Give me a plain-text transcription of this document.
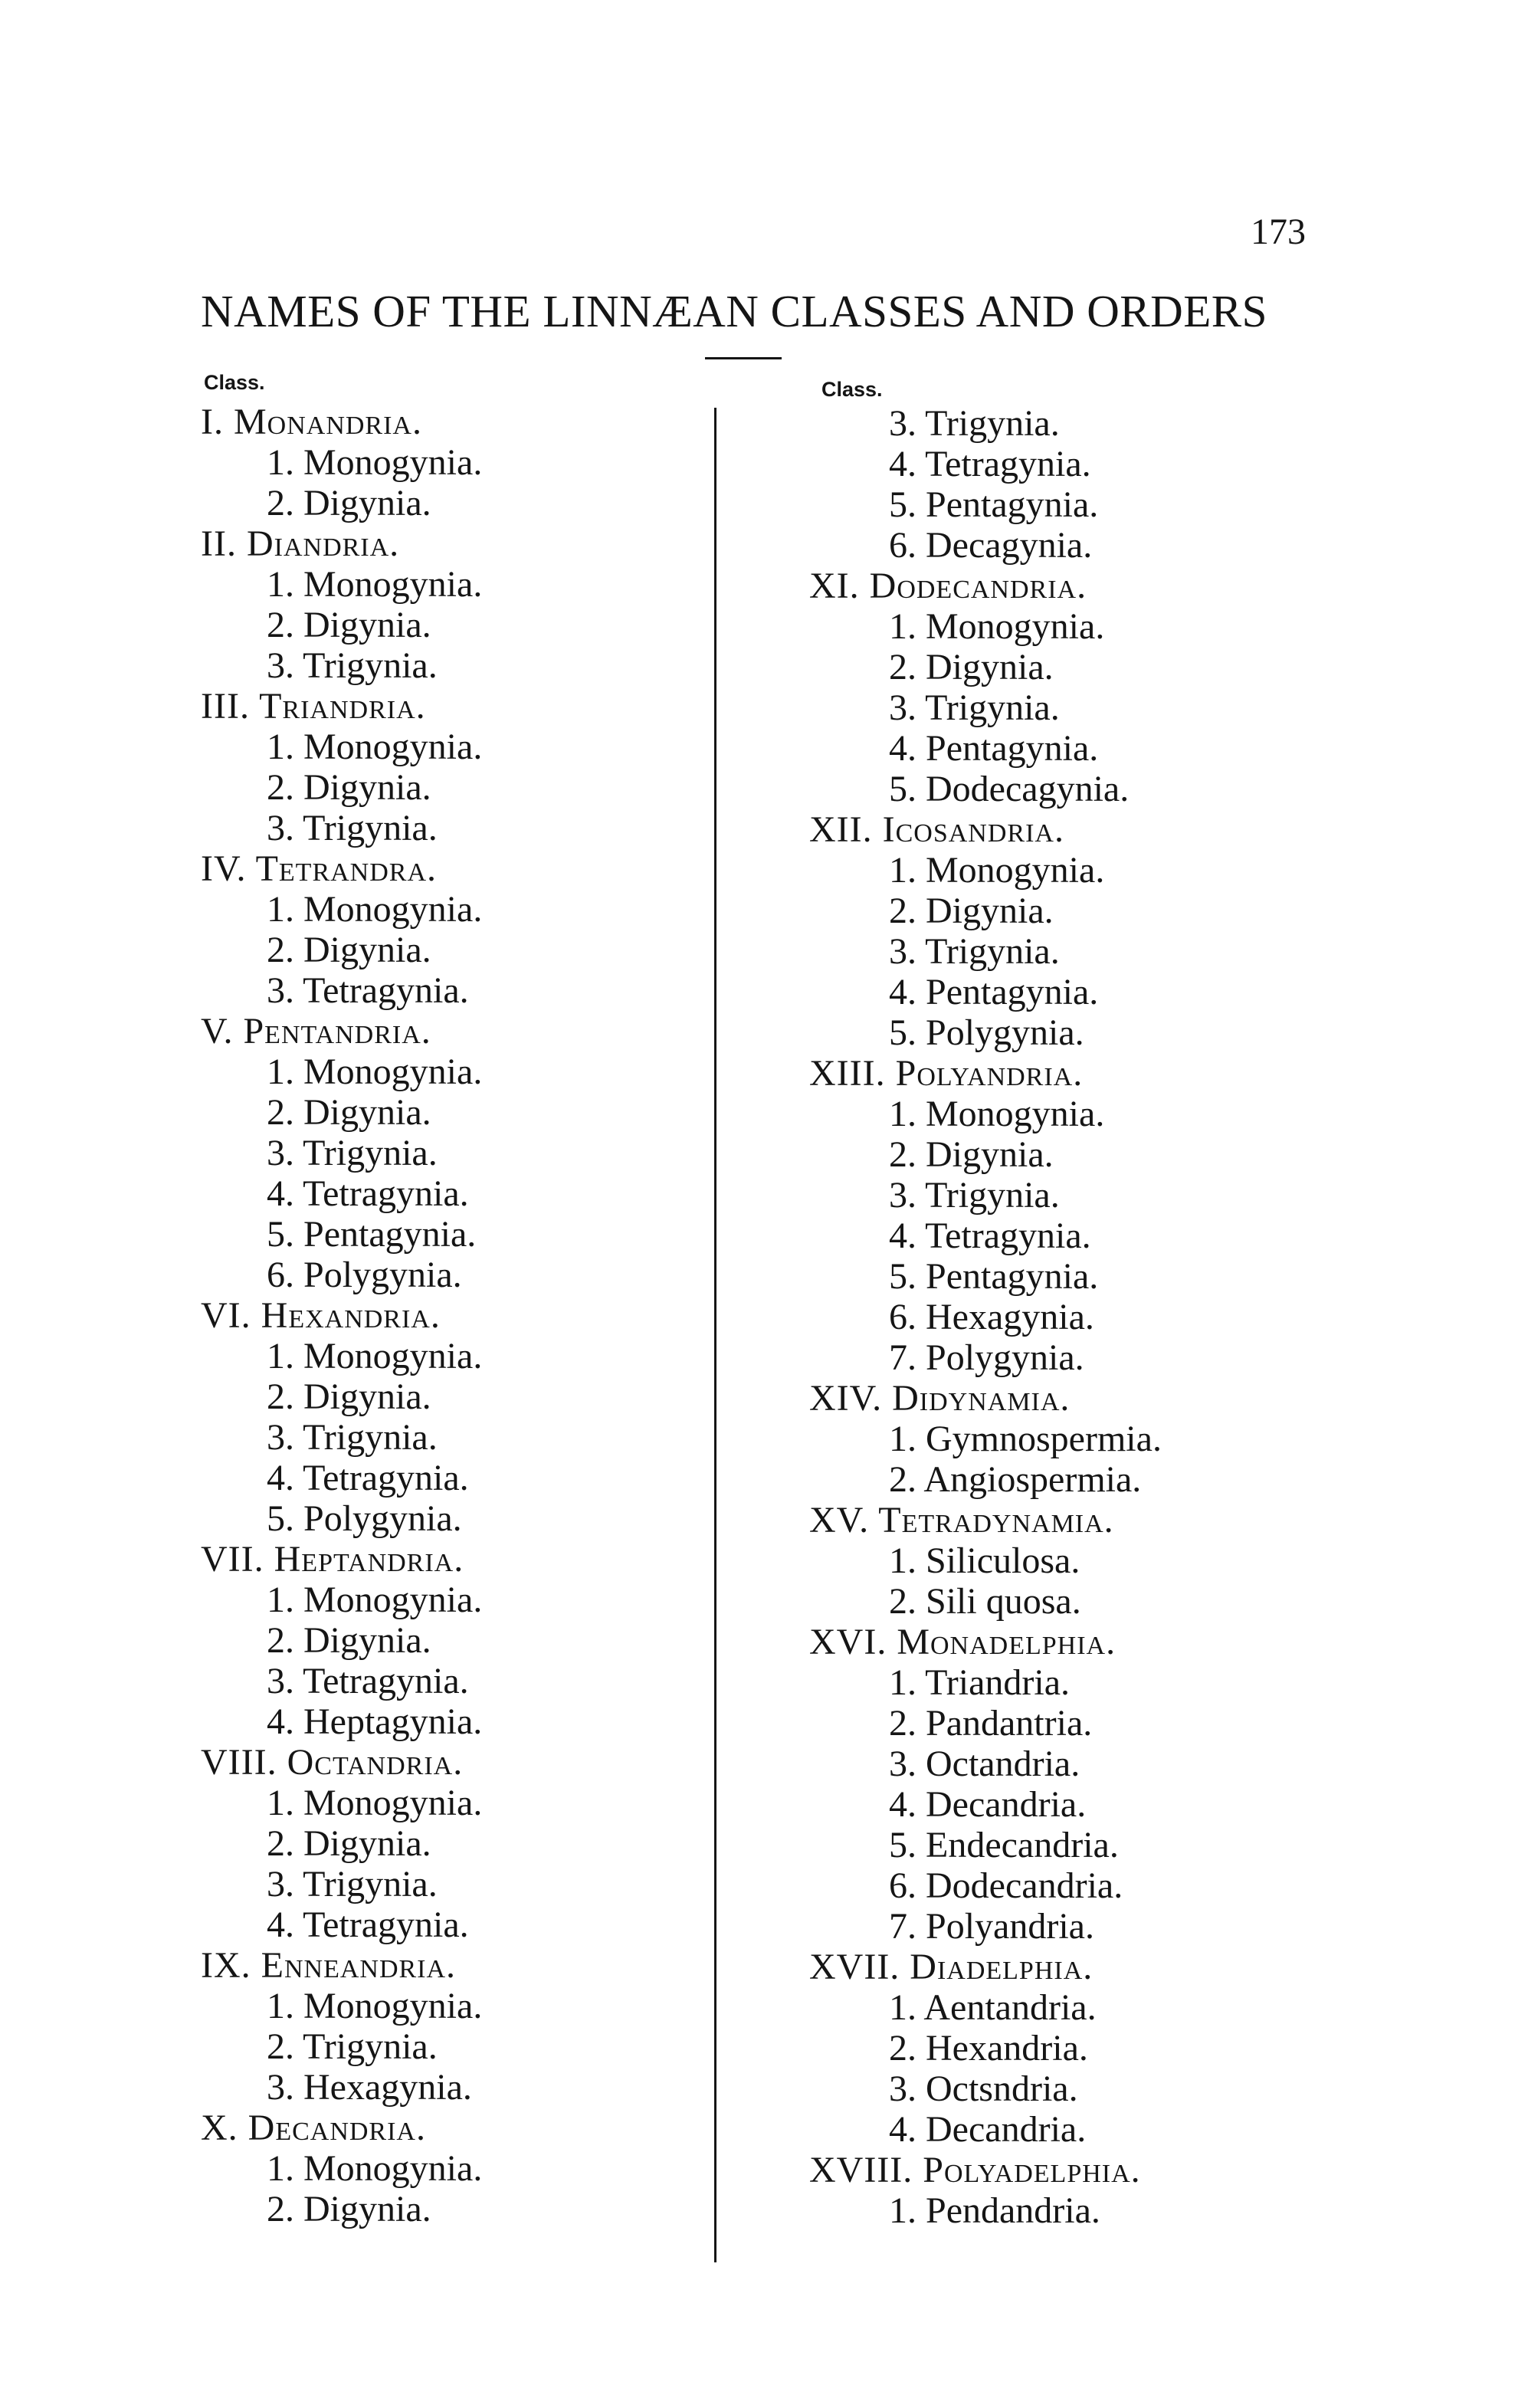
173
NAMES OF THE LINNÆAN CLASSES AND ORDERS
Class.	Class.
I. Monandria.
1. Monogynia.
2. Digynia.
II. Diandria.
1. Monogynia.
2. Digynia.
3. Trigynia.
III. Triandria.
1. Monogynia.
2. Digynia.
3. Trigynia.
IV. Tetrandra.
1. Monogynia.
2. Digynia.
3. Tetragynia.
V. Pentandria.
1. Monogynia.
2. Digynia.
3. Trigynia.
4. Tetragynia.
5. Pentagynia.
6. Polygynia.
VI. Hexandria.
1. Monogynia.
2. Digynia.
3. Trigynia.
4. Tetragynia.
5. Polygynia.
VII. Heptandria.
1. Monogynia.
2. Digynia.
3. Tetragynia.
4. Heptagynia.
VIII. Octandria.
1. Monogynia.
2. Digynia.
3. Trigynia.
4. Tetragynia.
IX. Enneandria.
1. Monogynia.
2. Trigynia.
3. Hexagynia.
X. Decandria.
1. Monogynia.
2. Digynia.
3. Trigynia.
4. Tetragynia.
5. Pentagynia.
6. Decagynia.
XI. Dodecandria.
1. Monogynia.
2. Digynia.
3. Trigynia.
4. Pentagynia.
5. Dodecagynia.
XII. Icosandria.
1. Monogynia.
2. Digynia.
3. Trigynia.
4. Pentagynia.
5. Polygynia.
XIII. Polyandria.
1. Monogynia.
2. Digynia.
3. Trigynia.
4. Tetragynia.
5. Pentagynia.
6. Hexagynia.
7. Polygynia.
XIV. Didynamia.
1. Gymnospermia.
2. Angiospermia.
XV. Tetradynamia.
1. Siliculosa.
2. Sili quosa.
XVI. Monadelphia.
1. Triandria.
2. Pandantria.
3. Octandria.
4. Decandria.
5. Endecandria.
6. Dodecandria.
7. Polyandria.
XVII. Diadelphia.
1. Aentandria.
2. Hexandria.
3. Octsndria.
4. Decandria.
XVIII. Polyadelphia.
1. Pendandria.
